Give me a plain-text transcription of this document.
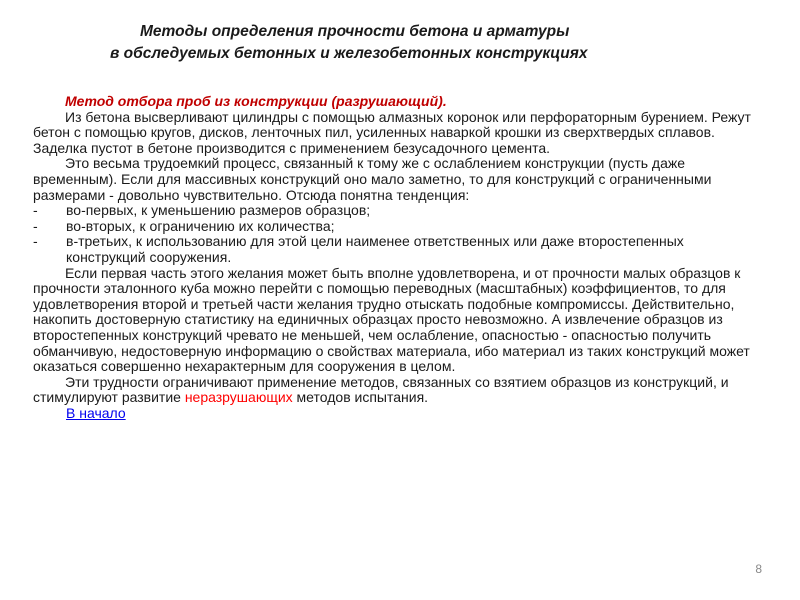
Методы определения прочности бетона и арматуры
в обследуемых бетонных и железобетонных конструкциях
Метод отбора проб из конструкции (разрушающий).

Из бетона высверливают цилиндры с помощью алмазных коронок или перфораторным бурением. Режут бетон с помощью кругов, дисков, ленточных пил, усиленных наваркой крошки из сверхтвердых сплавов. Заделка пустот в бетоне производится с применением безусадочного цемента.

Это весьма трудоемкий процесс, связанный к тому же с ослаблением конструкции (пусть даже временным). Если для массивных конструкций оно мало заметно, то для конструкций с ограниченными размерами - довольно чувствительно. Отсюда понятна тенденция:

- во-первых, к уменьшению размеров образцов;
- во-вторых, к ограничению их количества;
- в-третьих, к использованию для этой цели наименее ответственных или даже второстепенных конструкций сооружения.

Если первая часть этого желания может быть вполне удовлетворена, и от прочности малых образцов к прочности эталонного куба можно перейти с помощью переводных (масштабных) коэффициентов, то для удовлетворения второй и третьей части желания трудно отыскать подобные компромиссы. Действительно, накопить достоверную статистику на единичных образцах просто невозможно. А извлечение образцов из второстепенных конструкций чревато не меньшей, чем ослабление, опасностью - опасностью получить обманчивую, недостоверную информацию о свойствах материала, ибо материал из таких конструкций может оказаться совершенно нехарактерным для сооружения в целом.

Эти трудности ограничивают применение методов, связанных со взятием образцов из конструкций, и стимулируют развитие неразрушающих методов испытания.

В начало
8
